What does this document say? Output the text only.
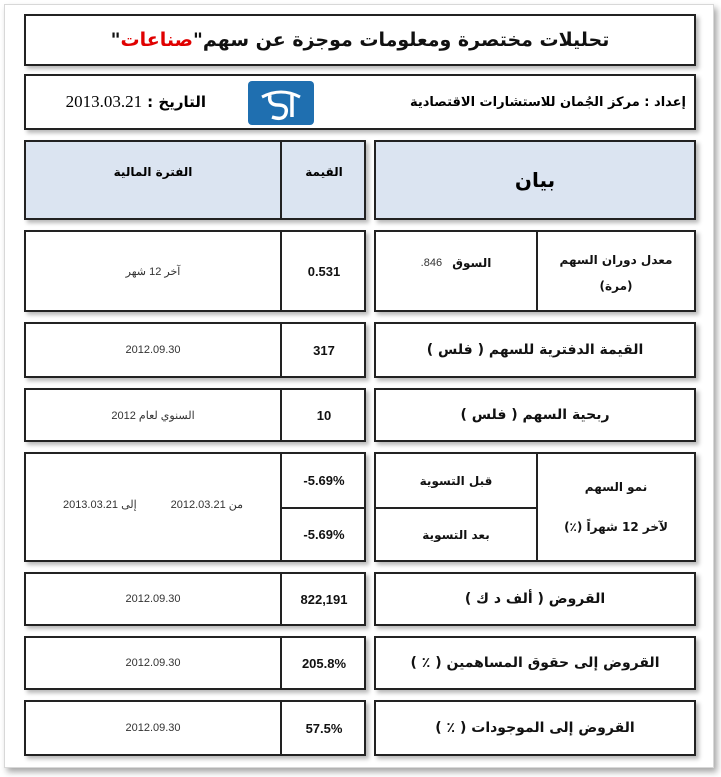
تحليلات مختصرة ومعلومات موجزة عن سهم
"
صناعات
"
إعداد :

مركز الجُمان للاستشارات الاقتصادية
التاريخ :

2013.03.21
بيان
القيمة
الفترة المالية
معدل دوران السهم
(مرة)
السوق

.846
0.531
آخر 12 شهر
القيمة الدفترية للسهم ( فلس )
317
2012.09.30
ربحية السهم ( فلس )
10
السنوي لعام 2012
نمو السهم
لآخر 12 شهراً (٪)
قبل التسوية
بعد التسوية
-5.69%
-5.69%
من 2012.03.21
إلى 2013.03.21
القروض ( ألف د ك )
822,191
2012.09.30
القروض إلى حقوق المساهمين ( ٪ )
205.8%
2012.09.30
القروض إلى الموجودات ( ٪ )
57.5%
2012.09.30
